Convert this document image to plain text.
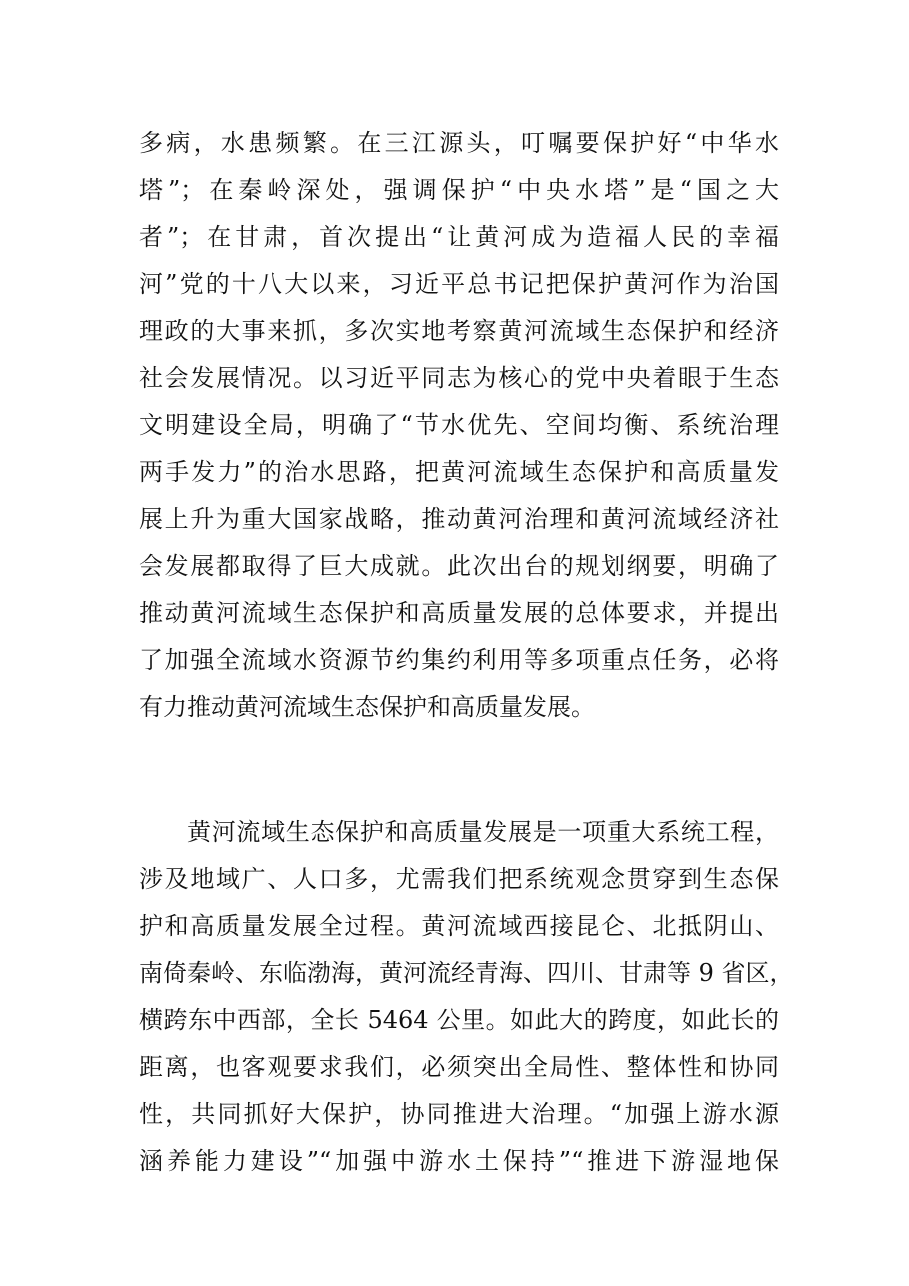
多病，水患频繁。在三江源头，叮嘱要保护好“中华水
塔”；在秦岭深处，强调保护“中央水塔”是“国之大
者”；在甘肃，首次提出“让黄河成为造福人民的幸福
河”党的十八大以来，习近平总书记把保护黄河作为治国
理政的大事来抓，多次实地考察黄河流域生态保护和经济
社会发展情况。以习近平同志为核心的党中央着眼于生态
文明建设全局，明确了“节水优先、空间均衡、系统治理
两手发力”的治水思路，把黄河流域生态保护和高质量发
展上升为重大国家战略，推动黄河治理和黄河流域经济社
会发展都取得了巨大成就。此次出台的规划纲要，明确了
推动黄河流域生态保护和高质量发展的总体要求，并提出
了加强全流域水资源节约集约利用等多项重点任务，必将
有力推动黄河流域生态保护和高质量发展。
黄河流域生态保护和高质量发展是一项重大系统工程，
涉及地域广、人口多，尤需我们把系统观念贯穿到生态保
护和高质量发展全过程。黄河流域西接昆仑、北抵阴山、
南倚秦岭、东临渤海，黄河流经青海、四川、甘肃等 9 省区，
横跨东中西部，全长 5464 公里。如此大的跨度，如此长的
距离，也客观要求我们，必须突出全局性、整体性和协同
性，共同抓好大保护，协同推进大治理。“加强上游水源
涵养能力建设”“加强中游水土保持”“推进下游湿地保
